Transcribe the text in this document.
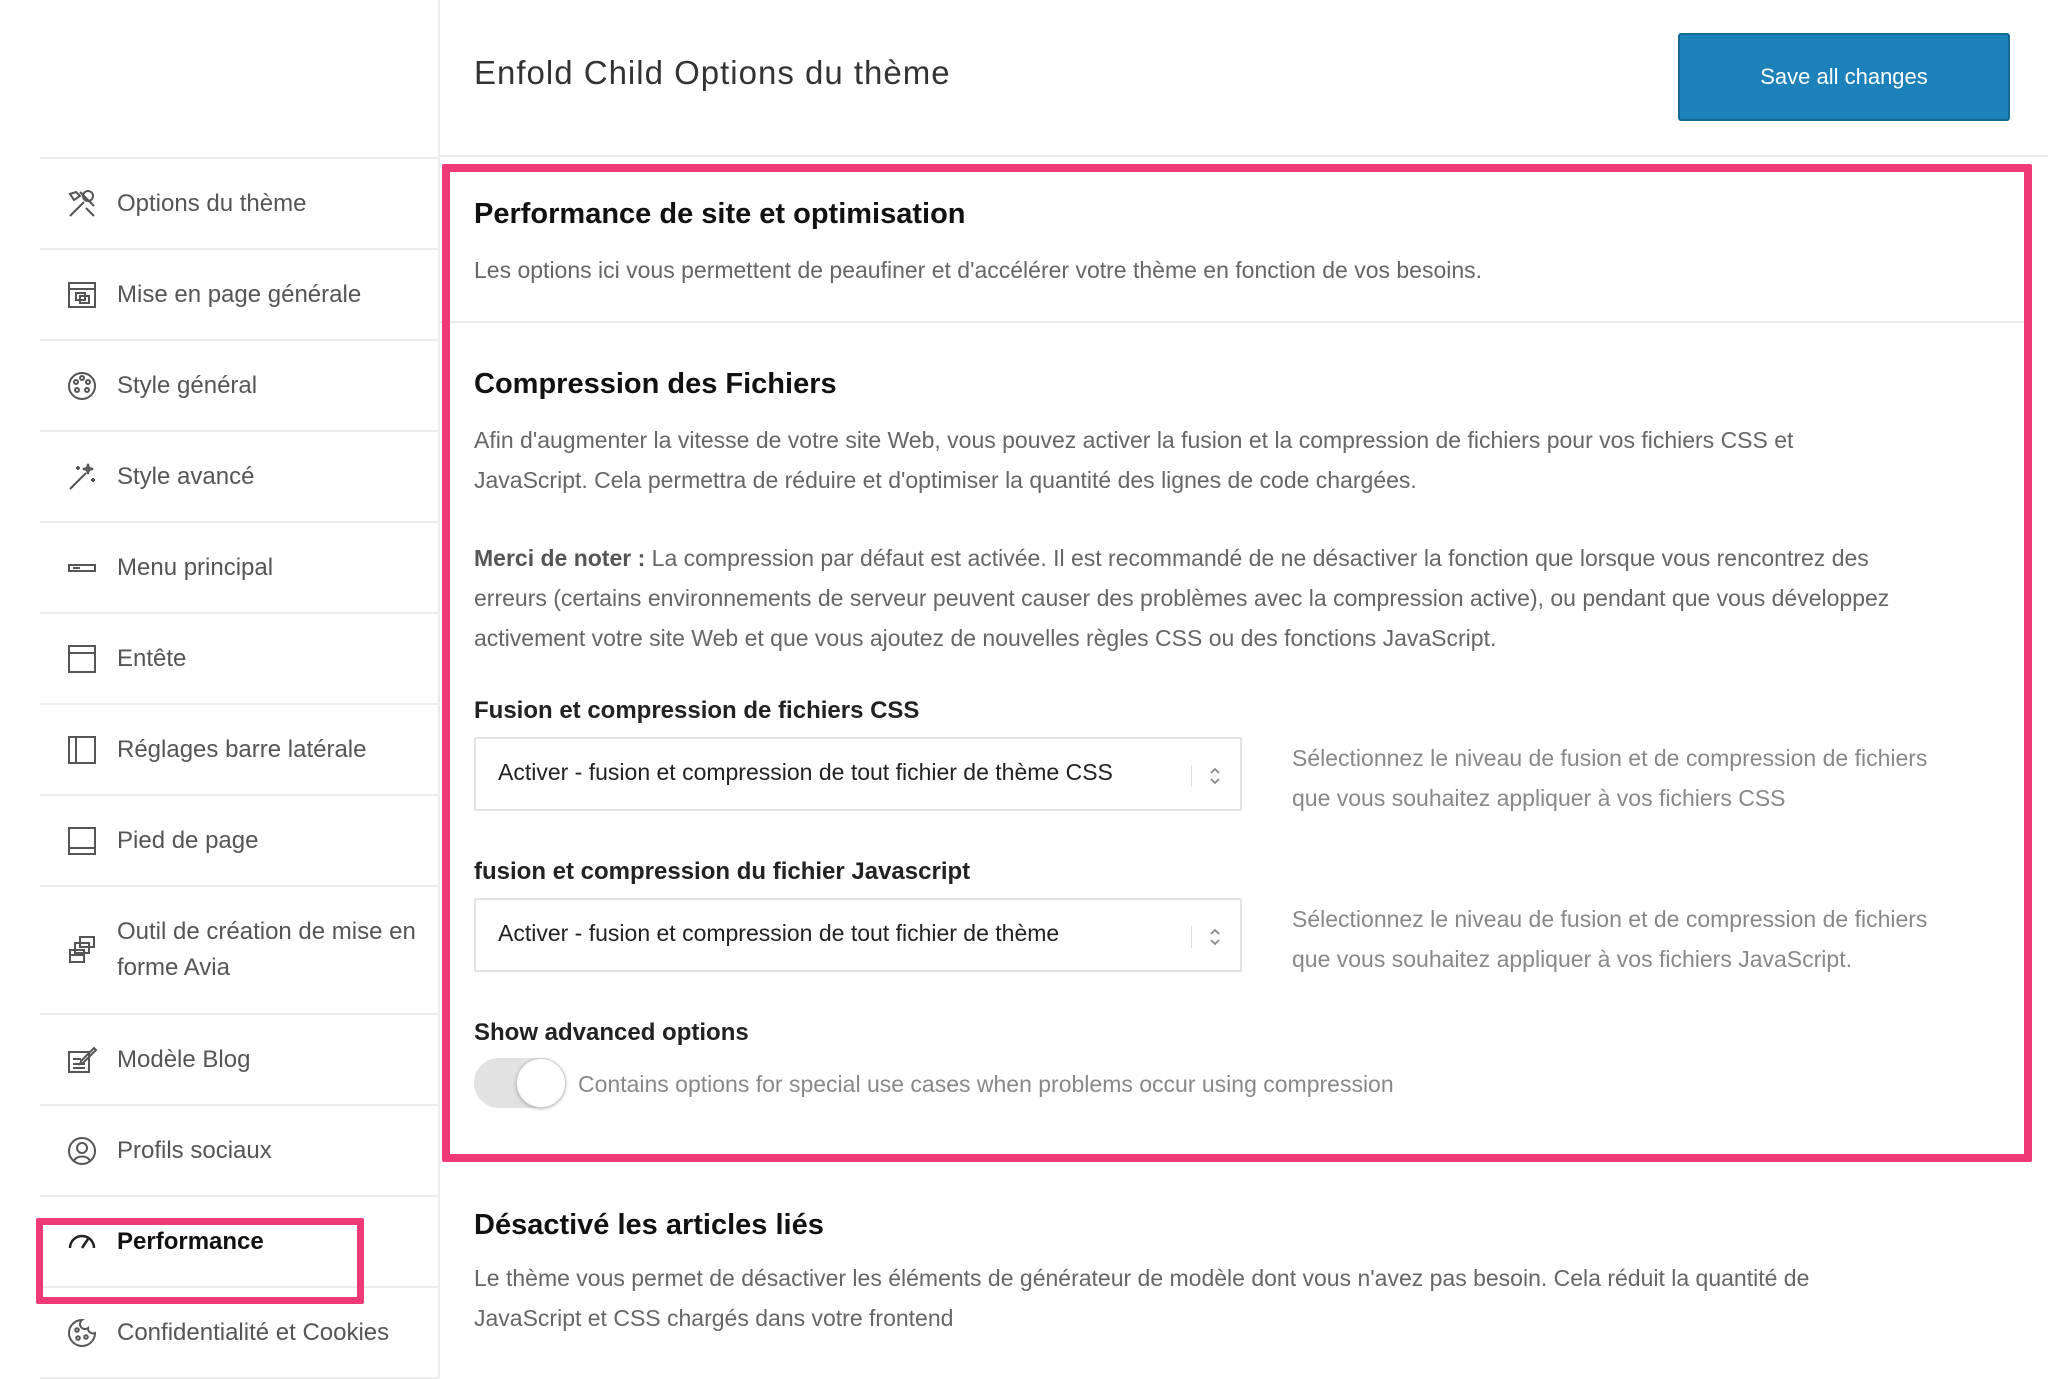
Options du thème
Mise en page générale
Style général
Style avancé
Menu principal
Entête
Réglages barre latérale
Pied de page
Outil de création de mise en forme Avia
Modèle Blog
Profils sociaux
Performance
Confidentialité et Cookies
Enfold Child Options du thème	Save all changes
Performance de site et optimisation
Les options ici vous permettent de peaufiner et d'accélérer votre thème en fonction de vos besoins.
Compression des Fichiers
Afin d'augmenter la vitesse de votre site Web, vous pouvez activer la fusion et la compression de fichiers pour vos fichiers CSS et
JavaScript. Cela permettra de réduire et d'optimiser la quantité des lignes de code chargées.
Merci de noter : La compression par défaut est activée. Il est recommandé de ne désactiver la fonction que lorsque vous rencontrez des
erreurs (certains environnements de serveur peuvent causer des problèmes avec la compression active), ou pendant que vous développez
activement votre site Web et que vous ajoutez de nouvelles règles CSS ou des fonctions JavaScript.
Fusion et compression de fichiers CSS
Activer - fusion et compression de tout fichier de thème CSS
Sélectionnez le niveau de fusion et de compression de fichiers
que vous souhaitez appliquer à vos fichiers CSS
fusion et compression du fichier Javascript
Activer - fusion et compression de tout fichier de thème
Sélectionnez le niveau de fusion et de compression de fichiers
que vous souhaitez appliquer à vos fichiers JavaScript.
Show advanced options
Contains options for special use cases when problems occur using compression
Désactivé les articles liés
Le thème vous permet de désactiver les éléments de générateur de modèle dont vous n'avez pas besoin. Cela réduit la quantité de
JavaScript et CSS chargés dans votre frontend
